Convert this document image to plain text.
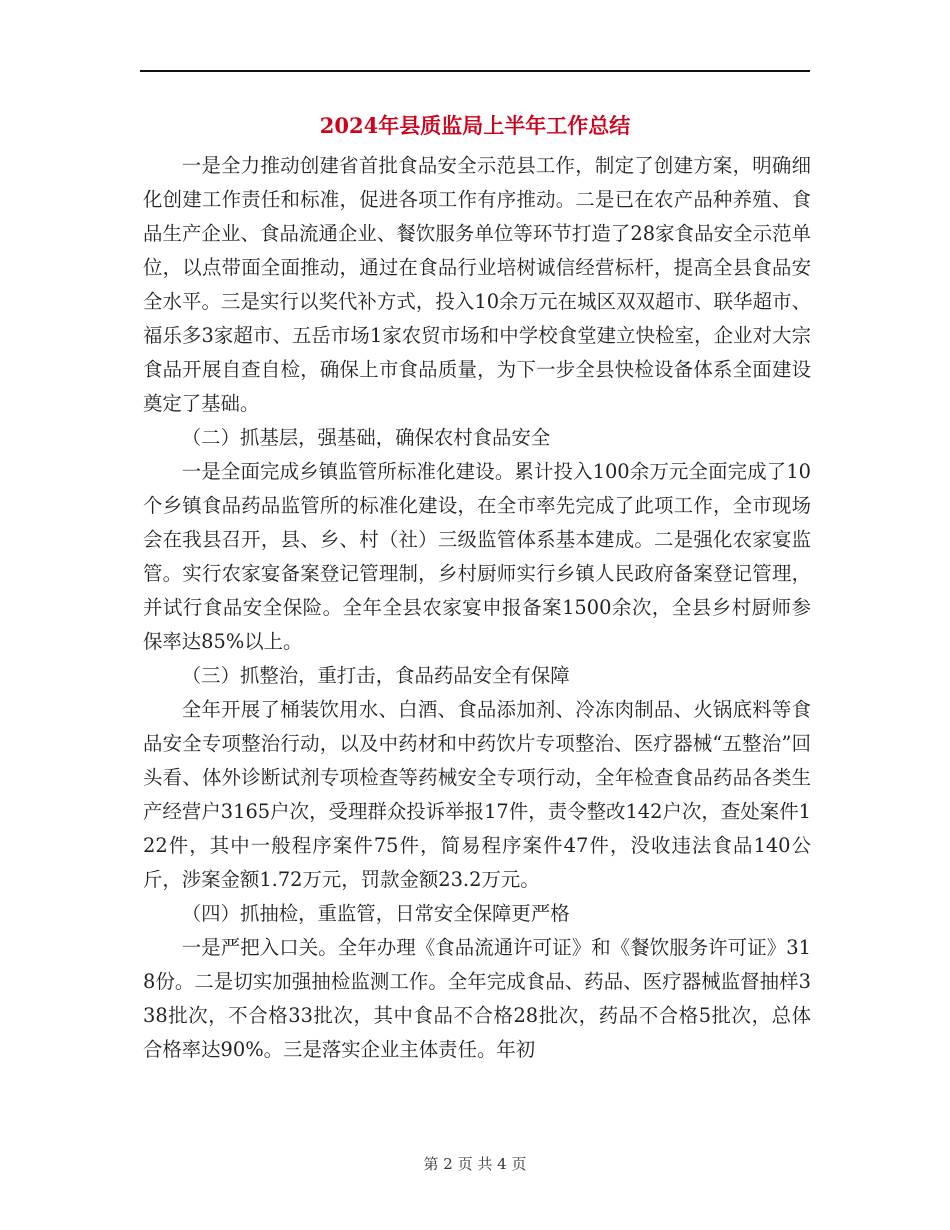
2024年县质监局上半年工作总结

一是全力推动创建省首批食品安全示范县工作，制定了创建方案，明确细化创建工作责任和标准，促进各项工作有序推动。二是已在农产品种养殖、食品生产企业、食品流通企业、餐饮服务单位等环节打造了28家食品安全示范单位，以点带面全面推动，通过在食品行业培树诚信经营标杆，提高全县食品安全水平。三是实行以奖代补方式，投入10余万元在城区双双超市、联华超市、福乐多3家超市、五岳市场1家农贸市场和中学校食堂建立快检室，企业对大宗食品开展自查自检，确保上市食品质量，为下一步全县快检设备体系全面建设奠定了基础。

（二）抓基层，强基础，确保农村食品安全

一是全面完成乡镇监管所标准化建设。累计投入100余万元全面完成了10个乡镇食品药品监管所的标准化建设，在全市率先完成了此项工作，全市现场会在我县召开，县、乡、村（社）三级监管体系基本建成。二是强化农家宴监管。实行农家宴备案登记管理制，乡村厨师实行乡镇人民政府备案登记管理，并试行食品安全保险。全年全县农家宴申报备案1500余次，全县乡村厨师参保率达85%以上。

（三）抓整治，重打击，食品药品安全有保障

全年开展了桶装饮用水、白酒、食品添加剂、冷冻肉制品、火锅底料等食品安全专项整治行动，以及中药材和中药饮片专项整治、医疗器械“五整治”回头看、体外诊断试剂专项检查等药械安全专项行动，全年检查食品药品各类生产经营户3165户次，受理群众投诉举报17件，责令整改142户次，查处案件122件，其中一般程序案件75件，简易程序案件47件，没收违法食品140公斤，涉案金额1.72万元，罚款金额23.2万元。

（四）抓抽检，重监管，日常安全保障更严格

一是严把入口关。全年办理《食品流通许可证》和《餐饮服务许可证》318份。二是切实加强抽检监测工作。全年完成食品、药品、医疗器械监督抽样338批次，不合格33批次，其中食品不合格28批次，药品不合格5批次，总体合格率达90%。三是落实企业主体责任。年初

第 2 页 共 4 页
